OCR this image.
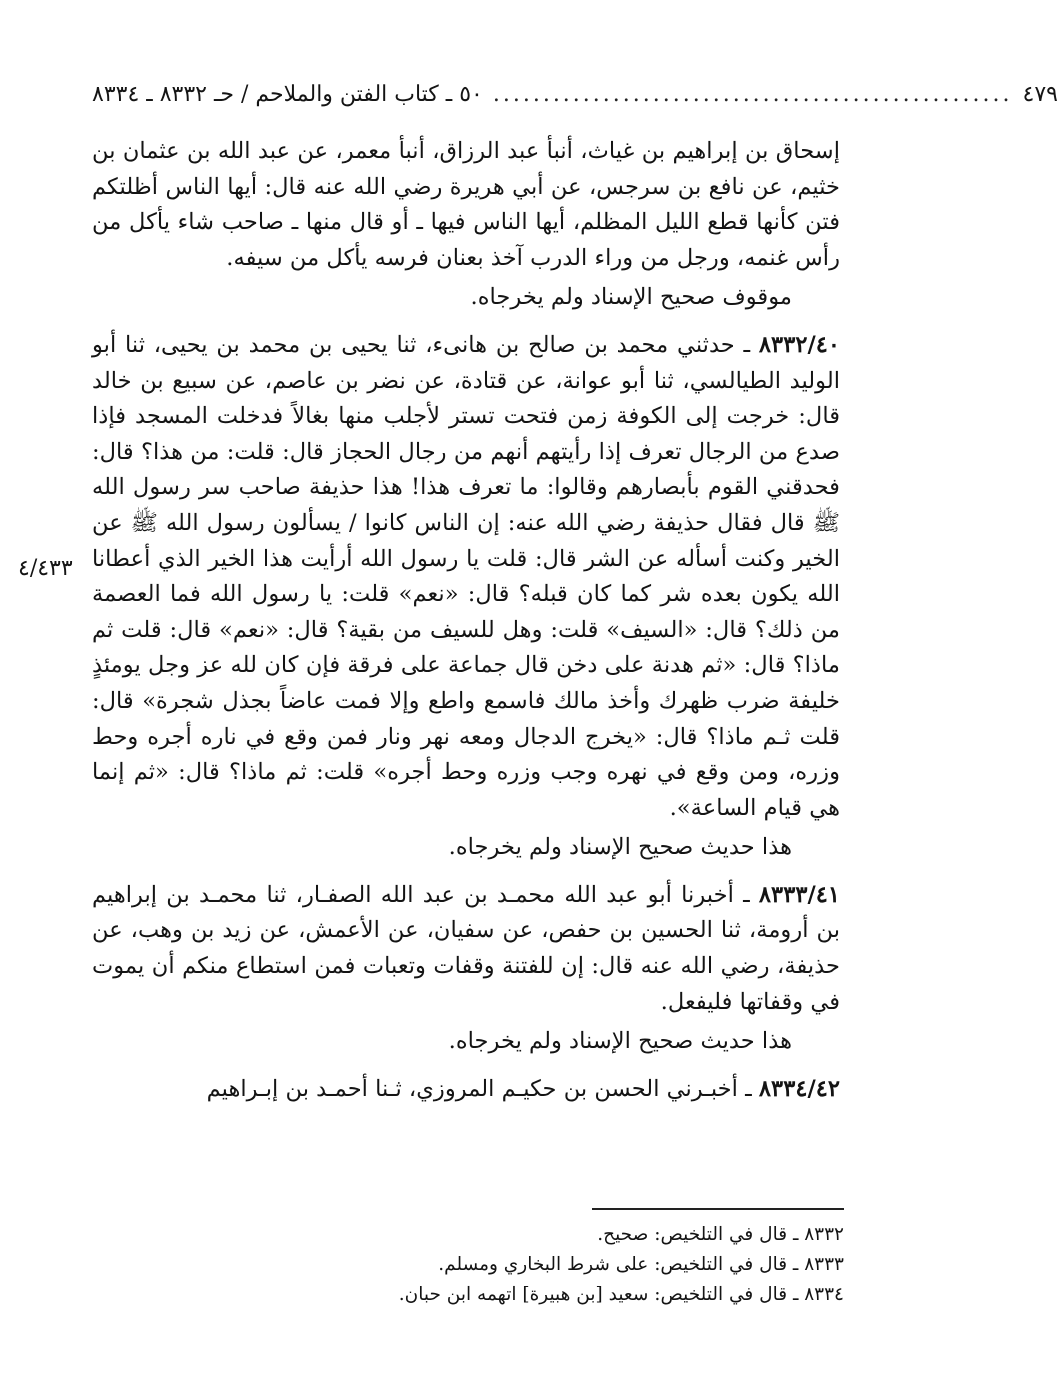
٥٠ ـ كتاب الفتن والملاحم / حـ ٨٣٣٢ ـ ٨٣٣٤ .................................................... ٤٧٩
٤/٤٣٣

إسحاق بن إبراهيم بن غياث، أنبأ عبد الرزاق، أنبأ معمر، عن عبد الله بن عثمان بن خثيم، عن نافع بن سرجس، عن أبي هريرة رضي الله عنه قال: أيها الناس أظلتكم فتن كأنها قطع الليل المظلم، أيها الناس فيها ـ أو قال منها ـ صاحب شاء يأكل من رأس غنمه، ورجل من وراء الدرب آخذ بعنان فرسه يأكل من سيفه.

موقوف صحيح الإسناد ولم يخرجاه.

٨٣٣٢/٤٠ ـ حدثني محمد بن صالح بن هانىء، ثنا يحيى بن محمد بن يحيى، ثنا أبو الوليد الطيالسي، ثنا أبو عوانة، عن قتادة، عن نضر بن عاصم، عن سبيع بن خالد قال: خرجت إلى الكوفة زمن فتحت تستر لأجلب منها بغالاً فدخلت المسجد فإذا صدع من الرجال تعرف إذا رأيتهم أنهم من رجال الحجاز قال: قلت: من هذا؟ قال: فحدقني القوم بأبصارهم وقالوا: ما تعرف هذا! هذا حذيفة صاحب سر رسول الله ﷺ قال فقال حذيفة رضي الله عنه: إن الناس كانوا / يسألون رسول الله ﷺ عن الخير وكنت أسأله عن الشر قال: قلت يا رسول الله أرأيت هذا الخير الذي أعطانا الله يكون بعده شر كما كان قبله؟ قال: «نعم» قلت: يا رسول الله فما العصمة من ذلك؟ قال: «السيف» قلت: وهل للسيف من بقية؟ قال: «نعم» قال: قلت ثم ماذا؟ قال: «ثم هدنة على دخن قال جماعة على فرقة فإن كان لله عز وجل يومئذٍ خليفة ضرب ظهرك وأخذ مالك فاسمع واطع وإلا فمت عاضاً بجذل شجرة» قال: قلت ثـم ماذا؟ قال: «يخرج الدجال ومعه نهر ونار فمن وقع في ناره أجره وحط وزره، ومن وقع في نهره وجب وزره وحط أجره» قلت: ثم ماذا؟ قال: «ثم إنما هي قيام الساعة».

هذا حديث صحيح الإسناد ولم يخرجاه.

٨٣٣٣/٤١ ـ أخبرنا أبو عبد الله محمـد بن عبد الله الصفـار، ثنا محمـد بن إبراهيم بن أرومة، ثنا الحسين بن حفص، عن سفيان، عن الأعمش، عن زيد بن وهب، عن حذيفة، رضي الله عنه قال: إن للفتنة وقفات وتعبات فمن استطاع منكم أن يموت في وقفاتها فليفعل.

هذا حديث صحيح الإسناد ولم يخرجاه.

٨٣٣٤/٤٢ ـ أخبـرني الحسن بن حكيـم المروزي، ثـنا أحمـد بن إبـراهيم

٨٣٣٢ ـ قال في التلخيص: صحيح.
٨٣٣٣ ـ قال في التلخيص: على شرط البخاري ومسلم.
٨٣٣٤ ـ قال في التلخيص: سعيد [بن هبيرة] اتهمه ابن حبان.
